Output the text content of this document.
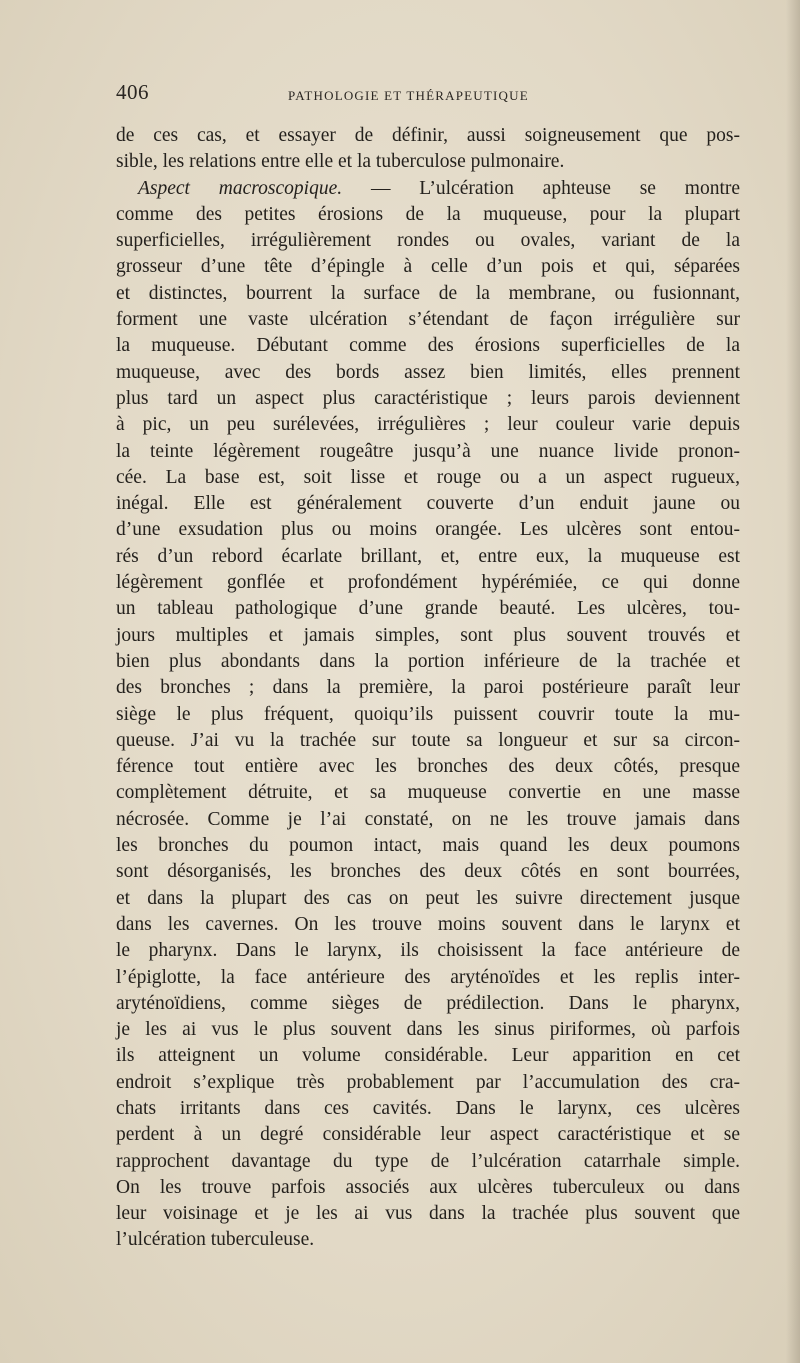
406	PATHOLOGIE ET THÉRAPEUTIQUE
de ces cas, et essayer de définir, aussi soigneusement que pos-
sible, les relations entre elle et la tuberculose pulmonaire.
Aspect macroscopique. — L’ulcération aphteuse se montre
comme des petites érosions de la muqueuse, pour la plupart
superficielles, irrégulièrement rondes ou ovales, variant de la
grosseur d’une tête d’épingle à celle d’un pois et qui, séparées
et distinctes, bourrent la surface de la membrane, ou fusionnant,
forment une vaste ulcération s’étendant de façon irrégulière sur
la muqueuse. Débutant comme des érosions superficielles de la
muqueuse, avec des bords assez bien limités, elles prennent
plus tard un aspect plus caractéristique ; leurs parois deviennent
à pic, un peu surélevées, irrégulières ; leur couleur varie depuis
la teinte légèrement rougeâtre jusqu’à une nuance livide pronon-
cée. La base est, soit lisse et rouge ou a un aspect rugueux,
inégal. Elle est généralement couverte d’un enduit jaune ou
d’une exsudation plus ou moins orangée. Les ulcères sont entou-
rés d’un rebord écarlate brillant, et, entre eux, la muqueuse est
légèrement gonflée et profondément hypérémiée, ce qui donne
un tableau pathologique d’une grande beauté. Les ulcères, tou-
jours multiples et jamais simples, sont plus souvent trouvés et
bien plus abondants dans la portion inférieure de la trachée et
des bronches ; dans la première, la paroi postérieure paraît leur
siège le plus fréquent, quoiqu’ils puissent couvrir toute la mu-
queuse. J’ai vu la trachée sur toute sa longueur et sur sa circon-
férence tout entière avec les bronches des deux côtés, presque
complètement détruite, et sa muqueuse convertie en une masse
nécrosée. Comme je l’ai constaté, on ne les trouve jamais dans
les bronches du poumon intact, mais quand les deux poumons
sont désorganisés, les bronches des deux côtés en sont bourrées,
et dans la plupart des cas on peut les suivre directement jusque
dans les cavernes. On les trouve moins souvent dans le larynx et
le pharynx. Dans le larynx, ils choisissent la face antérieure de
l’épiglotte, la face antérieure des aryténoïdes et les replis inter-
aryténoïdiens, comme sièges de prédilection. Dans le pharynx,
je les ai vus le plus souvent dans les sinus piriformes, où parfois
ils atteignent un volume considérable. Leur apparition en cet
endroit s’explique très probablement par l’accumulation des cra-
chats irritants dans ces cavités. Dans le larynx, ces ulcères
perdent à un degré considérable leur aspect caractéristique et se
rapprochent davantage du type de l’ulcération catarrhale simple.
On les trouve parfois associés aux ulcères tuberculeux ou dans
leur voisinage et je les ai vus dans la trachée plus souvent que
l’ulcération tuberculeuse.
